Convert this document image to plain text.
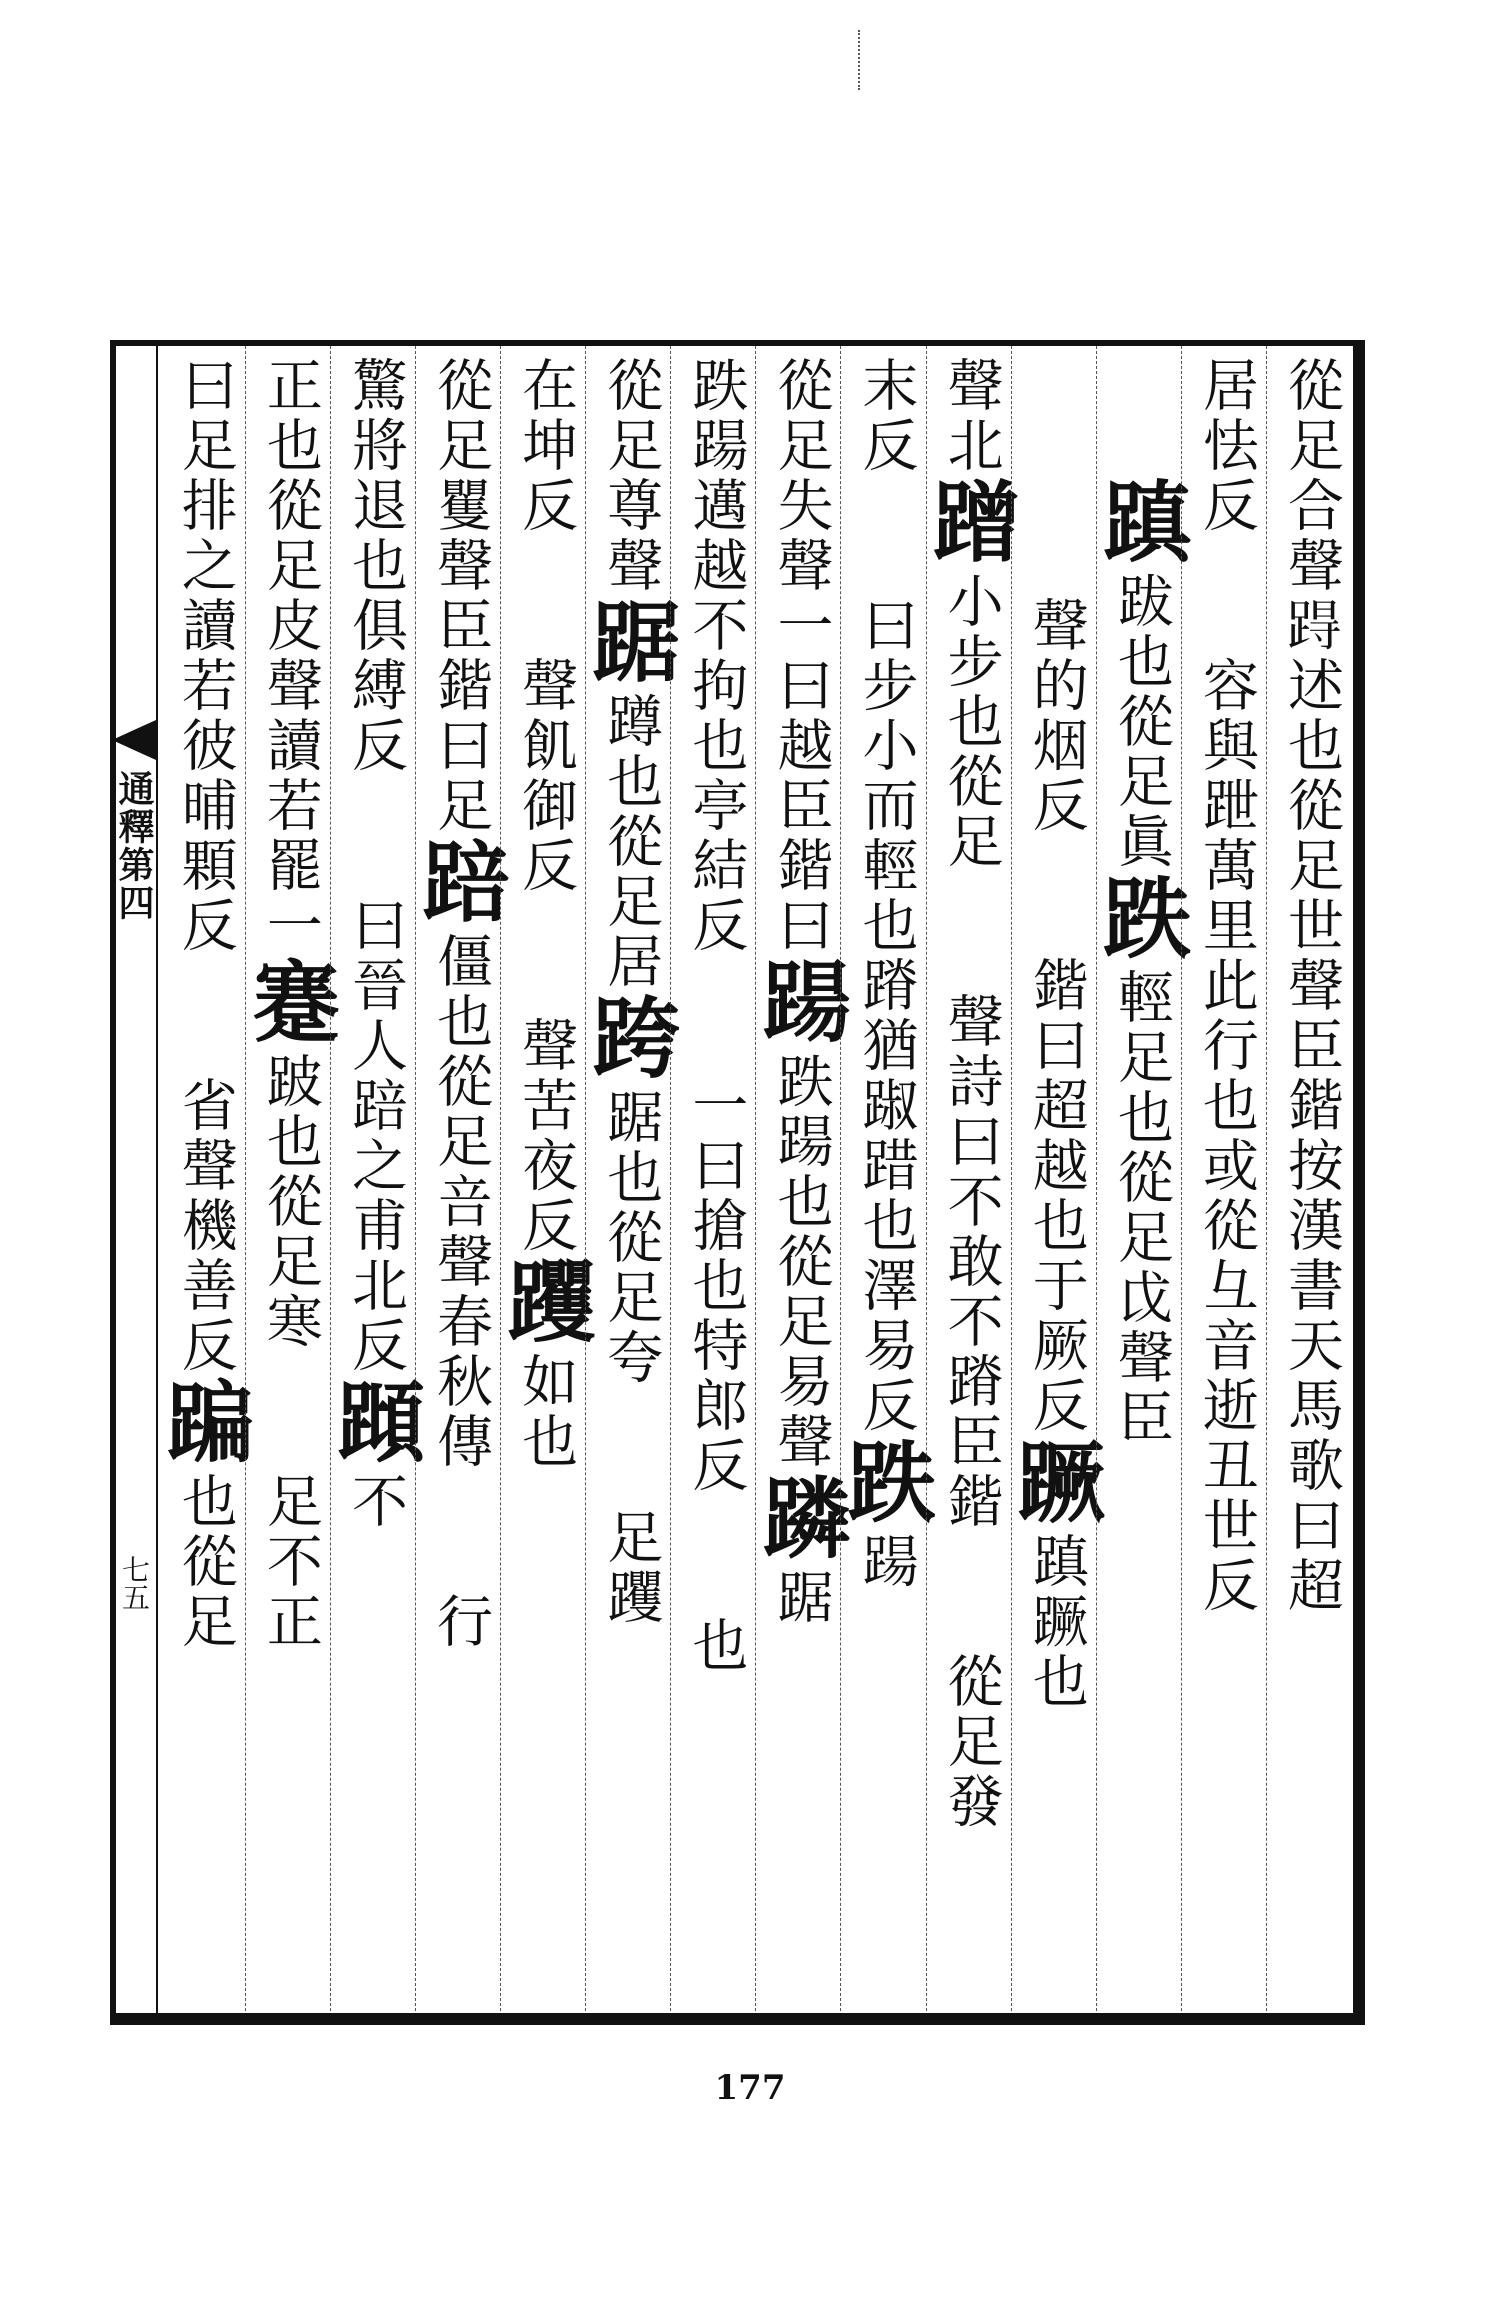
通釋第四
七五
從足合聲𨁽述也從足世聲臣鍇按漢書天馬歌曰超
居怯反容與跇萬里此行也或從彑音逝丑世反
蹎跋也從足眞跌輕足也從足戉聲臣
聲的烟反鍇曰超越也于厥反蹶蹎蹶也
聲北蹭小步也從足聲詩曰不敢不蹐臣鍇從足發
末反曰步小而輕也蹐猶踧踖也澤易反跌踼
從足失聲一曰越臣鍇曰踼跌踼也從足易聲蹸踞
跌踼邁越不拘也亭結反一曰搶也特郎反也
從足尊聲踞蹲也從足居跨踞也從足夸足躩
在坤反聲飢御反聲苦夜反躩如也
從足矍聲臣鍇曰足踣僵也從足咅聲春秋傳行
驚將退也俱縛反曰晉人踣之甫北反蹞不
正也從足皮聲讀若罷一蹇跛也從足寒足不正
曰足排之讀若彼晡顆反省聲機善反蹁也從足
177
